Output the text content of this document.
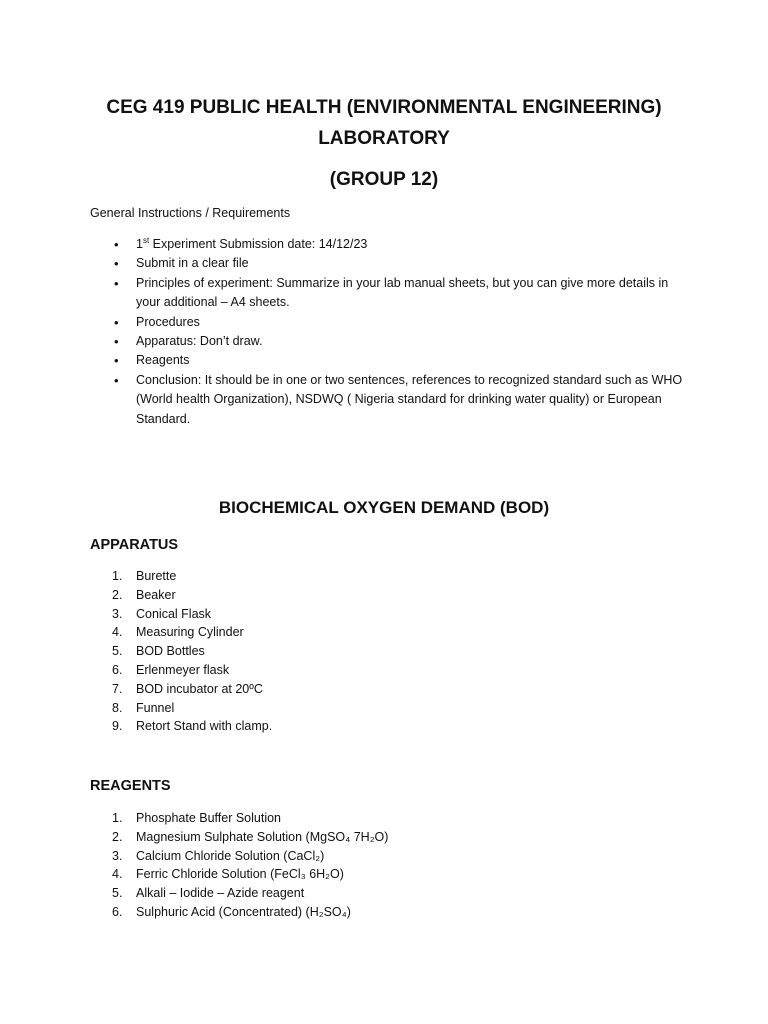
CEG 419 PUBLIC HEALTH (ENVIRONMENTAL ENGINEERING)
LABORATORY
(GROUP 12)

General Instructions / Requirements

• 1st Experiment Submission date: 14/12/23
• Submit in a clear file
• Principles of experiment: Summarize in your lab manual sheets, but you can give more details in your additional – A4 sheets.
• Procedures
• Apparatus: Don’t draw.
• Reagents
• Conclusion: It should be in one or two sentences, references to recognized standard such as WHO (World health Organization), NSDWQ ( Nigeria standard for drinking water quality) or European Standard.
BIOCHEMICAL OXYGEN DEMAND (BOD)
APPARATUS
1. Burette
2. Beaker
3. Conical Flask
4. Measuring Cylinder
5. BOD Bottles
6. Erlenmeyer flask
7. BOD incubator at 20ºC
8. Funnel
9. Retort Stand with clamp.
REAGENTS
1. Phosphate Buffer Solution
2. Magnesium Sulphate Solution (MgSO₄ 7H₂O)
3. Calcium Chloride Solution (CaCl₂)
4. Ferric Chloride Solution (FeCl₃ 6H₂O)
5. Alkali – Iodide – Azide reagent
6. Sulphuric Acid (Concentrated) (H₂SO₄)
